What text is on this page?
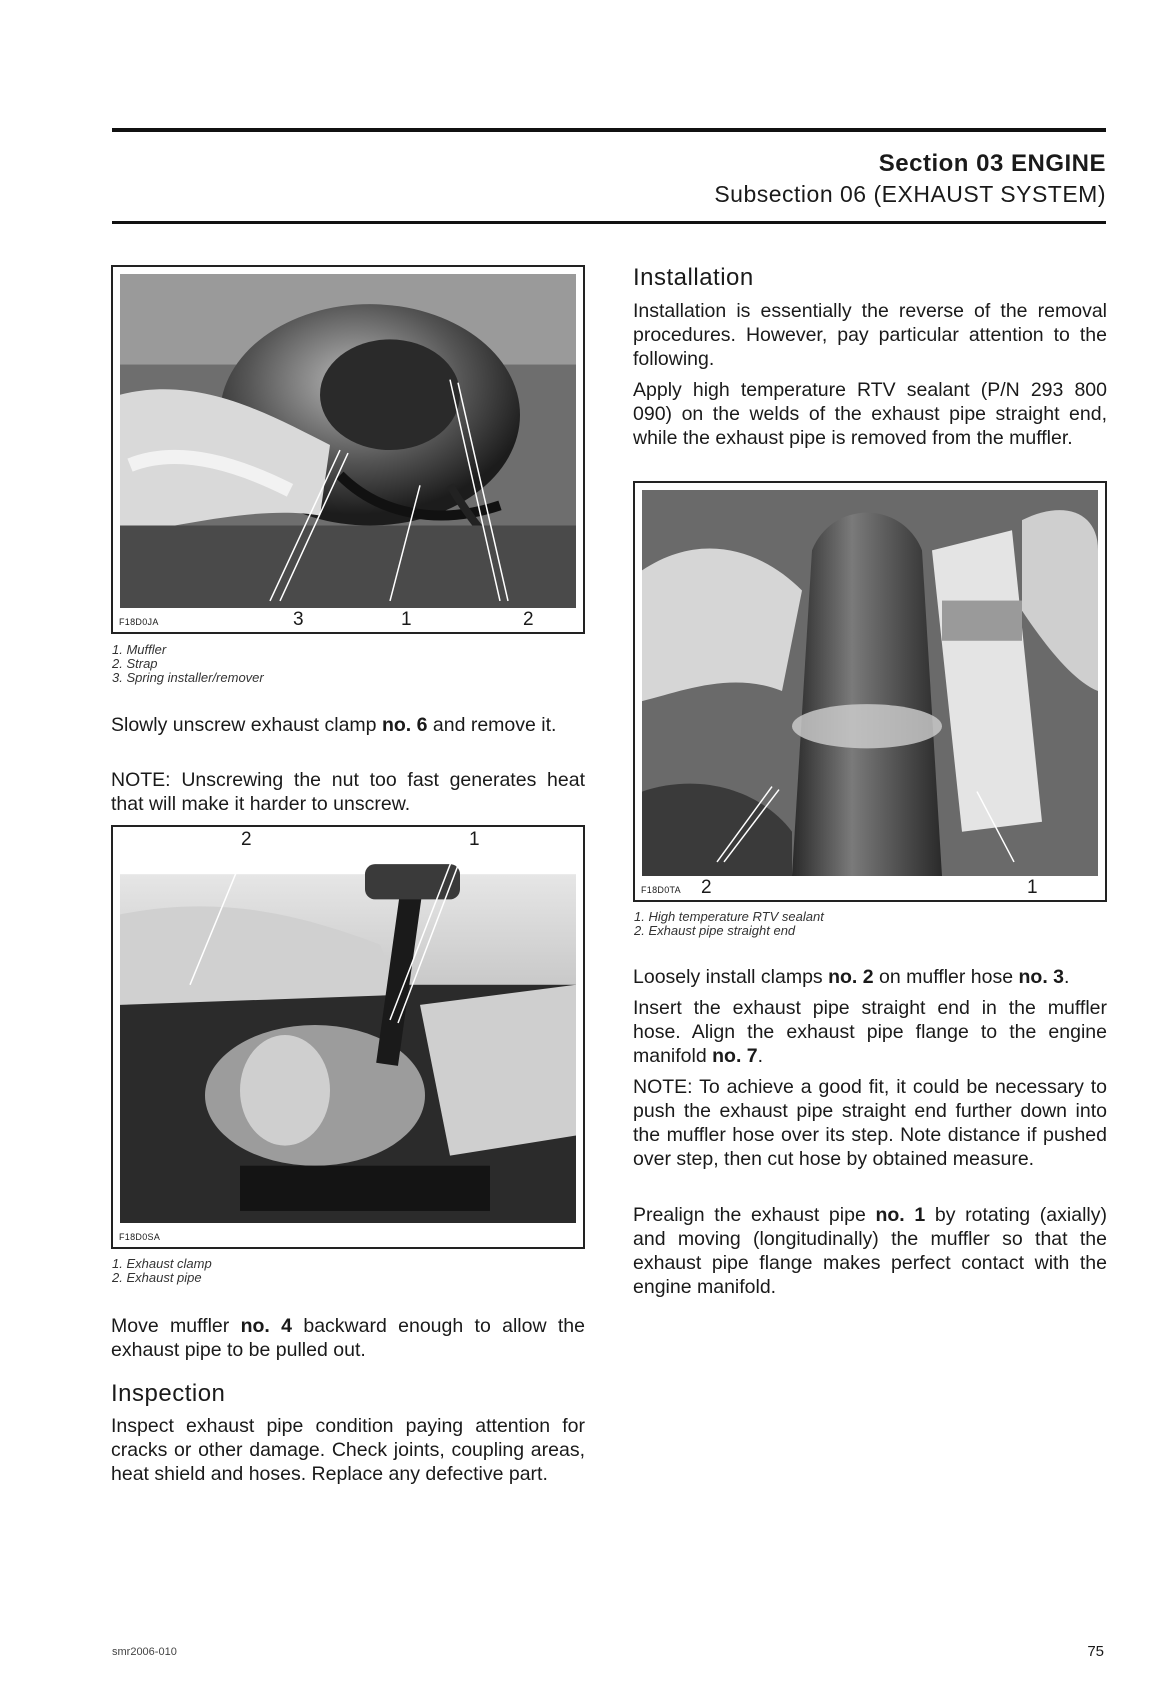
Section 03 ENGINE
Subsection 06 (EXHAUST SYSTEM)
F18D0JA	3	1	2
1. Muffler
2. Strap
3. Spring installer/remover

Slowly unscrew exhaust clamp no. 6 and remove it.

NOTE: Unscrewing the nut too fast generates heat that will make it harder to unscrew.

F18D0SA
2	1
1. Exhaust clamp
2. Exhaust pipe

Move muffler no. 4 backward enough to allow the exhaust pipe to be pulled out.

Inspection

Inspect exhaust pipe condition paying attention for cracks or other damage. Check joints, coupling areas, heat shield and hoses. Replace any defective part.

Installation

Installation is essentially the reverse of the removal procedures. However, pay particular attention to the following.

Apply high temperature RTV sealant (P/N 293 800 090) on the welds of the exhaust pipe straight end, while the exhaust pipe is removed from the muffler.

F18D0TA 2	1
1. High temperature RTV sealant
2. Exhaust pipe straight end

Loosely install clamps no. 2 on muffler hose no. 3.

Insert the exhaust pipe straight end in the muffler hose. Align the exhaust pipe flange to the engine manifold no. 7.

NOTE: To achieve a good fit, it could be necessary to push the exhaust pipe straight end further down into the muffler hose over its step. Note distance if pushed over step, then cut hose by obtained measure.

Prealign the exhaust pipe no. 1 by rotating (axially) and moving (longitudinally) the muffler so that the exhaust pipe flange makes perfect contact with the engine manifold.

smr2006-010	75
